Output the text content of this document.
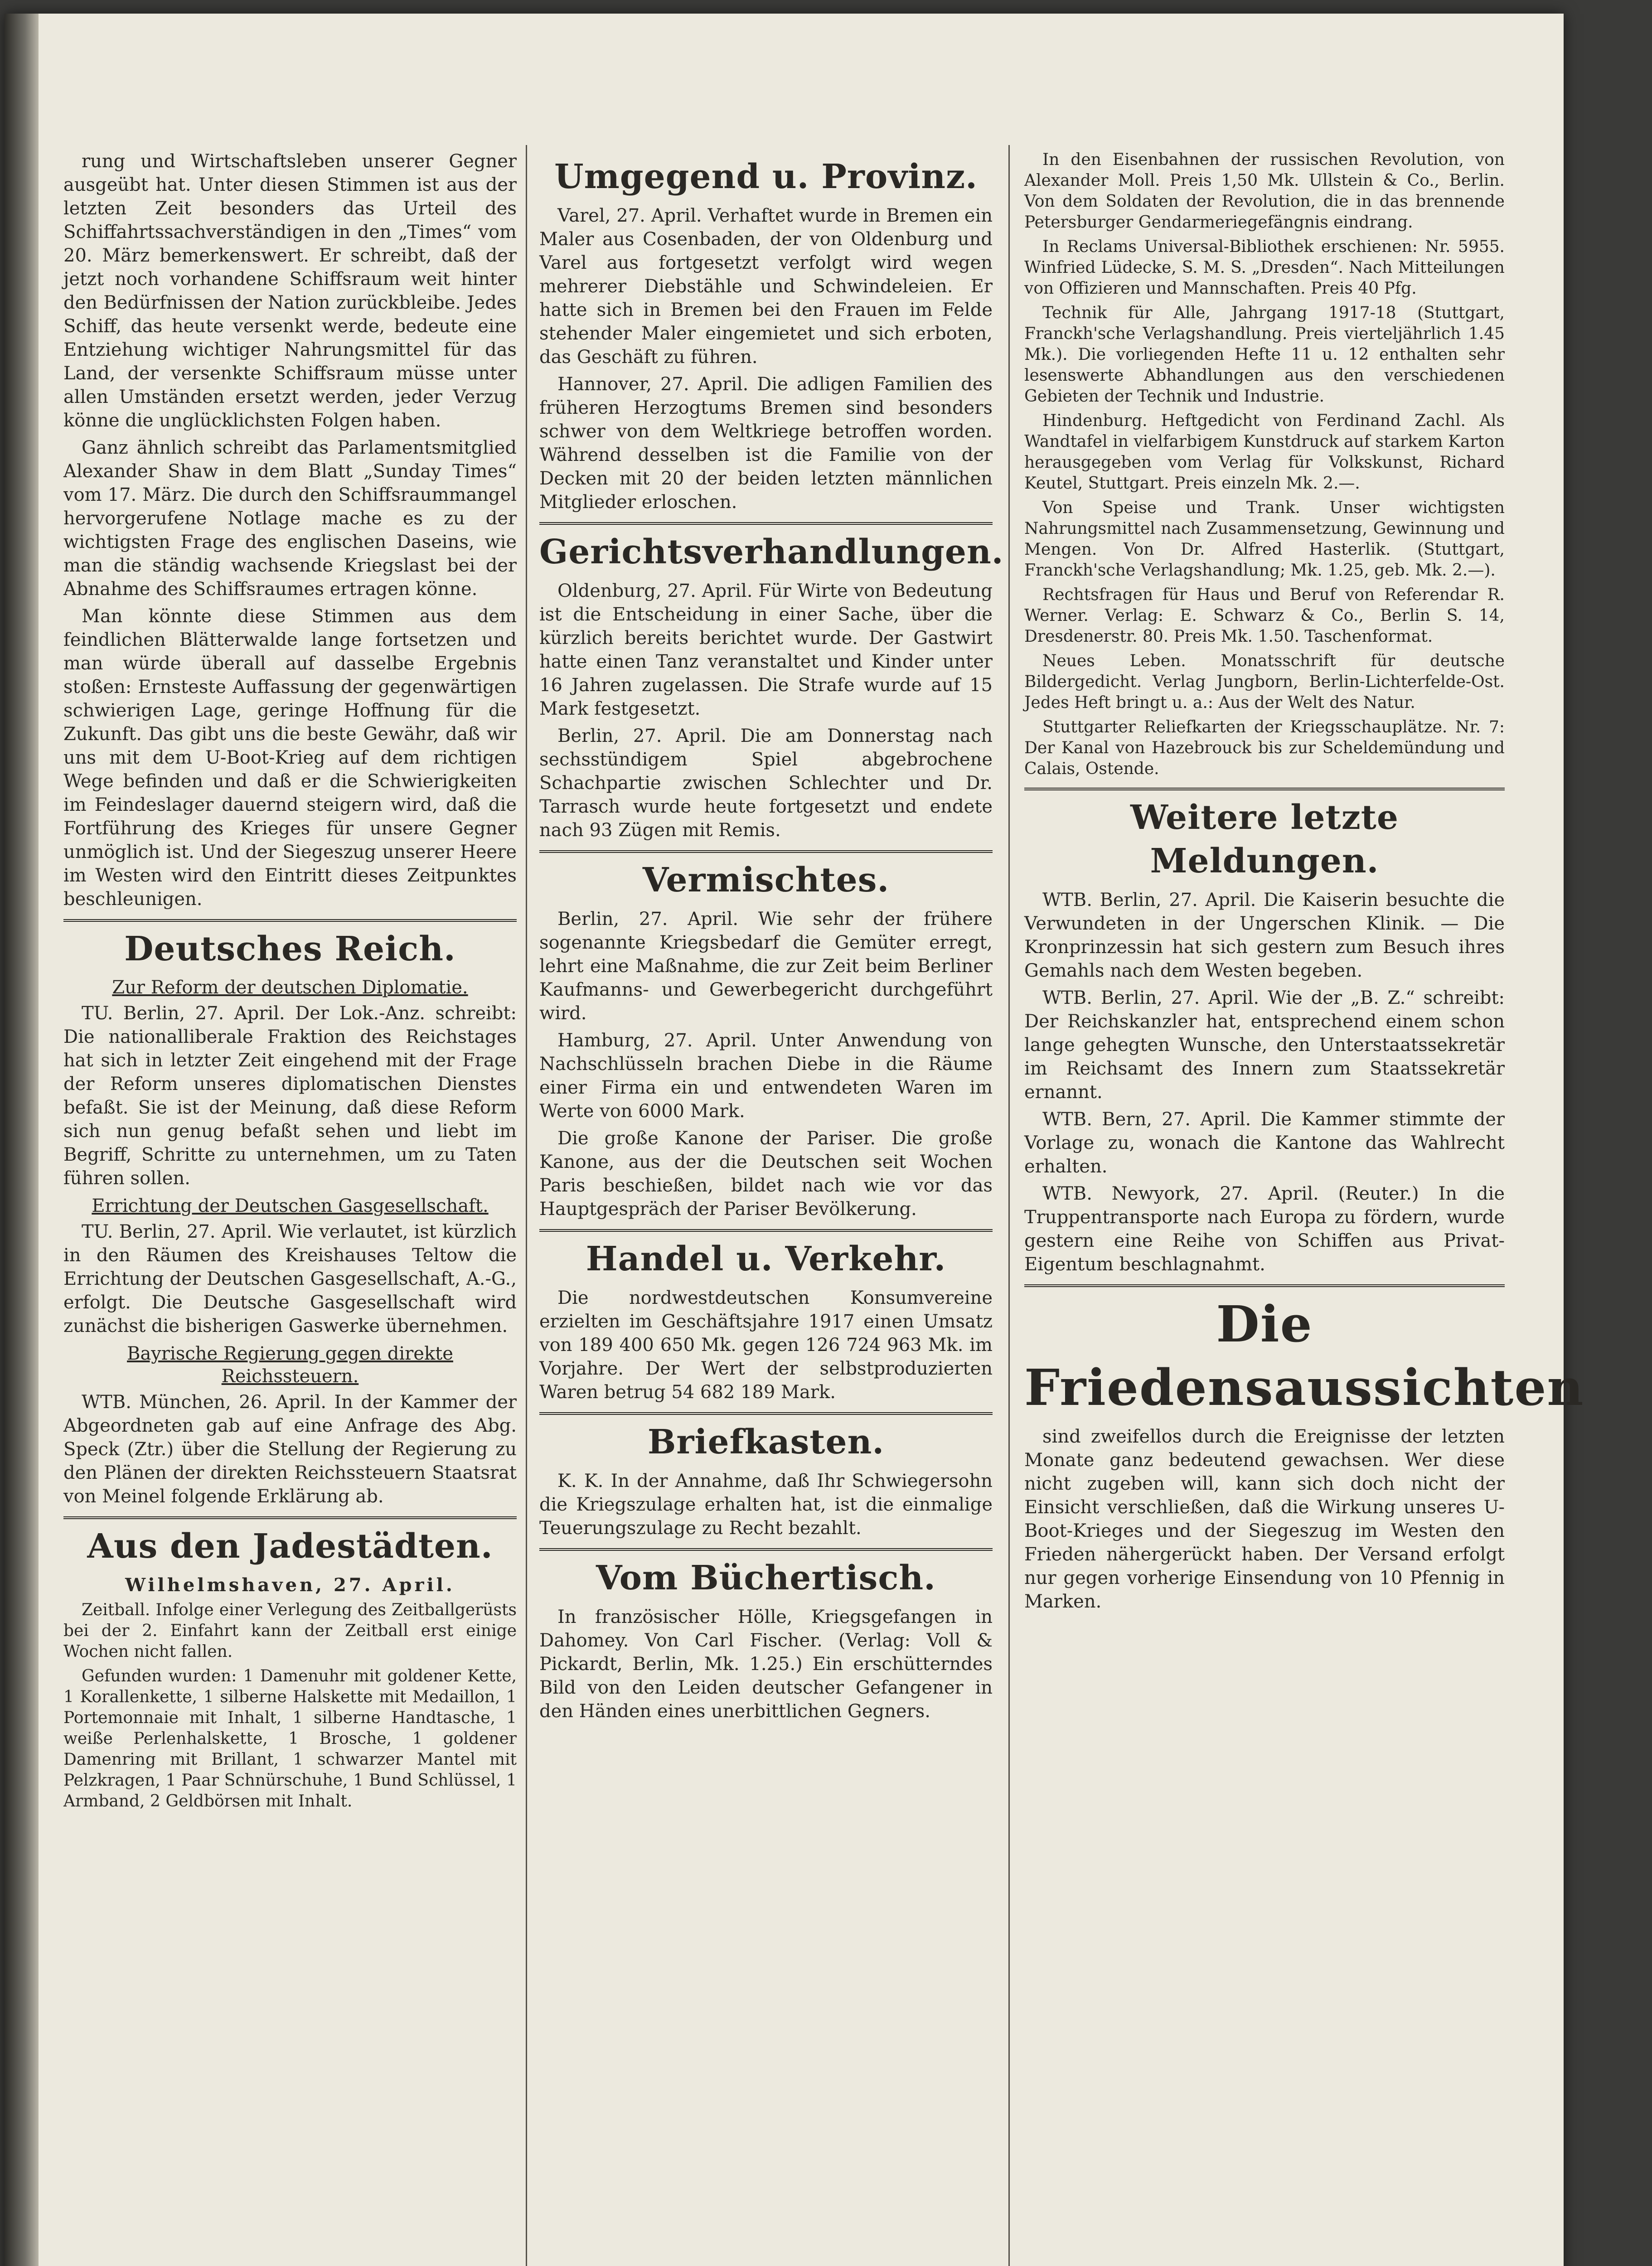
rung und Wirtschaftsleben unserer Gegner ausgeübt hat. Unter diesen Stimmen ist aus der letzten Zeit besonders das Urteil des Schiffahrtssachverständigen in den „Times“ vom 20. März bemerkenswert. Er schreibt, daß der jetzt noch vorhandene Schiffsraum weit hinter den Bedürfnissen der Nation zurückbleibe. Jedes Schiff, das heute versenkt werde, bedeute eine Entziehung wichtiger Nahrungsmittel für das Land, der versenkte Schiffsraum müsse unter allen Umständen ersetzt werden, jeder Verzug könne die unglücklichsten Folgen haben.

Ganz ähnlich schreibt das Parlamentsmitglied Alexander Shaw in dem Blatt „Sunday Times“ vom 17. März. Die durch den Schiffsraummangel hervorgerufene Notlage mache es zu der wichtigsten Frage des englischen Daseins, wie man die ständig wachsende Kriegslast bei der Abnahme des Schiffsraumes ertragen könne.

Man könnte diese Stimmen aus dem feindlichen Blätterwalde lange fortsetzen und man würde überall auf dasselbe Ergebnis stoßen: Ernsteste Auffassung der gegenwärtigen schwierigen Lage, geringe Hoffnung für die Zukunft. Das gibt uns die beste Gewähr, daß wir uns mit dem U-Boot-Krieg auf dem richtigen Wege befinden und daß er die Schwierigkeiten im Feindeslager dauernd steigern wird, daß die Fortführung des Krieges für unsere Gegner unmöglich ist. Und der Siegeszug unserer Heere im Westen wird den Eintritt dieses Zeitpunktes beschleunigen.

Deutsches Reich.
Zur Reform der deutschen Diplomatie.

TU. Berlin, 27. April. Der Lok.-Anz. schreibt: Die nationalliberale Fraktion des Reichstages hat sich in letzter Zeit eingehend mit der Frage der Reform unseres diplomatischen Dienstes befaßt. Sie ist der Meinung, daß diese Reform sich nun genug befaßt sehen und liebt im Begriff, Schritte zu unternehmen, um zu Taten führen sollen.

Errichtung der Deutschen Gasgesellschaft.

TU. Berlin, 27. April. Wie verlautet, ist kürzlich in den Räumen des Kreishauses Teltow die Errichtung der Deutschen Gasgesellschaft, A.-G., erfolgt. Die Deutsche Gasgesellschaft wird zunächst die bisherigen Gaswerke übernehmen.

Bayrische Regierung gegen direkte Reichssteuern.

WTB. München, 26. April. In der Kammer der Abgeordneten gab auf eine Anfrage des Abg. Speck (Ztr.) über die Stellung der Regierung zu den Plänen der direkten Reichssteuern Staatsrat von Meinel folgende Erklärung ab.

Aus den Jadestädten.
Wilhelmshaven, 27. April.

Zeitball. Infolge einer Verlegung des Zeitballgerüsts bei der 2. Einfahrt kann der Zeitball erst einige Wochen nicht fallen.

Gefunden wurden: 1 Damenuhr mit goldener Kette, 1 Korallenkette, 1 silberne Halskette mit Medaillon, 1 Portemonnaie mit Inhalt, 1 silberne Handtasche, 1 weiße Perlenhalskette, 1 Brosche, 1 goldener Damenring mit Brillant, 1 schwarzer Mantel mit Pelzkragen, 1 Paar Schnürschuhe, 1 Bund Schlüssel, 1 Armband, 2 Geldbörsen mit Inhalt.

Umgegend u. Provinz.

Varel, 27. April. Verhaftet wurde in Bremen ein Maler aus Cosenbaden, der von Oldenburg und Varel aus fortgesetzt verfolgt wird wegen mehrerer Diebstähle und Schwindeleien. Er hatte sich in Bremen bei den Frauen im Felde stehender Maler eingemietet und sich erboten, das Geschäft zu führen.

Hannover, 27. April. Die adligen Familien des früheren Herzogtums Bremen sind besonders schwer von dem Weltkriege betroffen worden. Während desselben ist die Familie von der Decken mit 20 der beiden letzten männlichen Mitglieder erloschen.

Gerichtsverhandlungen.

Oldenburg, 27. April. Für Wirte von Bedeutung ist die Entscheidung in einer Sache, über die kürzlich bereits berichtet wurde. Der Gastwirt hatte einen Tanz veranstaltet und Kinder unter 16 Jahren zugelassen. Die Strafe wurde auf 15 Mark festgesetzt.

Berlin, 27. April. Die am Donnerstag nach sechsstündigem Spiel abgebrochene Schachpartie zwischen Schlechter und Dr. Tarrasch wurde heute fortgesetzt und endete nach 93 Zügen mit Remis.

Vermischtes.

Berlin, 27. April. Wie sehr der frühere sogenannte Kriegsbedarf die Gemüter erregt, lehrt eine Maßnahme, die zur Zeit beim Berliner Kaufmanns- und Gewerbegericht durchgeführt wird.

Hamburg, 27. April. Unter Anwendung von Nachschlüsseln brachen Diebe in die Räume einer Firma ein und entwendeten Waren im Werte von 6000 Mark.

Die große Kanone der Pariser. Die große Kanone, aus der die Deutschen seit Wochen Paris beschießen, bildet nach wie vor das Hauptgespräch der Pariser Bevölkerung.

Handel u. Verkehr.

Die nordwestdeutschen Konsumvereine erzielten im Geschäftsjahre 1917 einen Umsatz von 189 400 650 Mk. gegen 126 724 963 Mk. im Vorjahre. Der Wert der selbstproduzierten Waren betrug 54 682 189 Mark.

Briefkasten.

K. K. In der Annahme, daß Ihr Schwiegersohn die Kriegszulage erhalten hat, ist die einmalige Teuerungszulage zu Recht bezahlt.

Vom Büchertisch.

In französischer Hölle, Kriegsgefangen in Dahomey. Von Carl Fischer. (Verlag: Voll & Pickardt, Berlin, Mk. 1.25.) Ein erschütterndes Bild von den Leiden deutscher Gefangener in den Händen eines unerbittlichen Gegners.

In den Eisenbahnen der russischen Revolution, von Alexander Moll. Preis 1,50 Mk. Ullstein & Co., Berlin. Von dem Soldaten der Revolution, die in das brennende Petersburger Gendarmeriegefängnis eindrang.

In Reclams Universal-Bibliothek erschienen: Nr. 5955. Winfried Lüdecke, S. M. S. „Dresden“. Nach Mitteilungen von Offizieren und Mannschaften. Preis 40 Pfg.

Technik für Alle, Jahrgang 1917-18 (Stuttgart, Franckh'sche Verlagshandlung. Preis vierteljährlich 1.45 Mk.). Die vorliegenden Hefte 11 u. 12 enthalten sehr lesenswerte Abhandlungen aus den verschiedenen Gebieten der Technik und Industrie.

Hindenburg. Heftgedicht von Ferdinand Zachl. Als Wandtafel in vielfarbigem Kunstdruck auf starkem Karton herausgegeben vom Verlag für Volkskunst, Richard Keutel, Stuttgart. Preis einzeln Mk. 2.—.

Von Speise und Trank. Unser wichtigsten Nahrungsmittel nach Zusammensetzung, Gewinnung und Mengen. Von Dr. Alfred Hasterlik. (Stuttgart, Franckh'sche Verlagshandlung; Mk. 1.25, geb. Mk. 2.—).

Rechtsfragen für Haus und Beruf von Referendar R. Werner. Verlag: E. Schwarz & Co., Berlin S. 14, Dresdenerstr. 80. Preis Mk. 1.50. Taschenformat.

Neues Leben. Monatsschrift für deutsche Bildergedicht. Verlag Jungborn, Berlin-Lichterfelde-Ost. Jedes Heft bringt u. a.: Aus der Welt des Natur.

Stuttgarter Reliefkarten der Kriegsschauplätze. Nr. 7: Der Kanal von Hazebrouck bis zur Scheldemündung und Calais, Ostende.

Weitere letzte Meldungen.

WTB. Berlin, 27. April. Die Kaiserin besuchte die Verwundeten in der Ungerschen Klinik. — Die Kronprinzessin hat sich gestern zum Besuch ihres Gemahls nach dem Westen begeben.

WTB. Berlin, 27. April. Wie der „B. Z.“ schreibt: Der Reichskanzler hat, entsprechend einem schon lange gehegten Wunsche, den Unterstaatssekretär im Reichsamt des Innern zum Staatssekretär ernannt.

WTB. Bern, 27. April. Die Kammer stimmte der Vorlage zu, wonach die Kantone das Wahlrecht erhalten.

WTB. Newyork, 27. April. (Reuter.) In die Truppentransporte nach Europa zu fördern, wurde gestern eine Reihe von Schiffen aus Privat-Eigentum beschlagnahmt.

Die Friedensaussichten

sind zweifellos durch die Ereignisse der letzten Monate ganz bedeutend gewachsen. Wer diese nicht zugeben will, kann sich doch nicht der Einsicht verschließen, daß die Wirkung unseres U-Boot-Krieges und der Siegeszug im Westen den Frieden nähergerückt haben. Der Versand erfolgt nur gegen vorherige Einsendung von 10 Pfennig in Marken.
